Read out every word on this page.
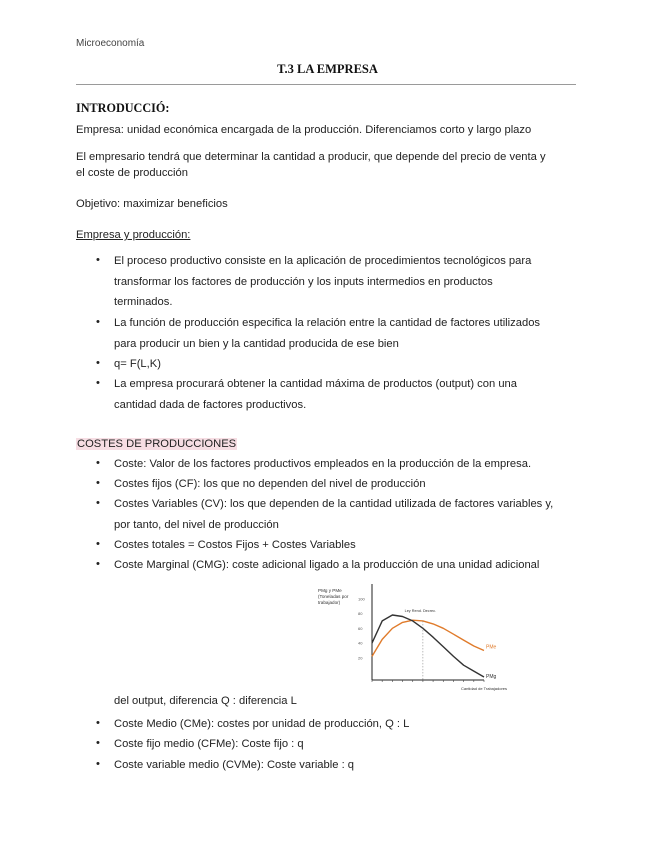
Microeconomía
T.3 LA EMPRESA
INTRODUCCIÓ:
Empresa: unidad económica encargada de la producción. Diferenciamos corto y largo plazo
El empresario tendrá que determinar la cantidad a producir, que depende del precio de venta y
el coste de producción
Objetivo: maximizar beneficios
Empresa y producción:
• El proceso productivo consiste en la aplicación de procedimientos tecnológicos para
transformar los factores de producción y los inputs intermedios en productos
terminados.
• La función de producción especifica la relación entre la cantidad de factores utilizados
para producir un bien y la cantidad producida de ese bien
• q= F(L,K)
• La empresa procurará obtener la cantidad máxima de productos (output) con una
cantidad dada de factores productivos.
COSTES DE PRODUCCIONES
• Coste: Valor de los factores productivos empleados en la producción de la empresa.
• Costes fijos (CF): los que no dependen del nivel de producción
• Costes Variables (CV): los que dependen de la cantidad utilizada de factores variables y,
por tanto, del nivel de producción
• Costes totales = Costos Fijos + Costes Variables
• Coste Marginal (CMG): coste adicional ligado a la producción de una unidad adicional
PMg y PMe
(Toneladas por
trabajador)
100
80
60
40
20
PMe
PMg
Ley Rend. Decrec.
Cantidad de Trabajadores
del output, diferencia Q : diferencia L
• Coste Medio (CMe): costes por unidad de producción, Q : L
• Coste fijo medio (CFMe): Coste fijo : q
• Coste variable medio (CVMe): Coste variable : q
